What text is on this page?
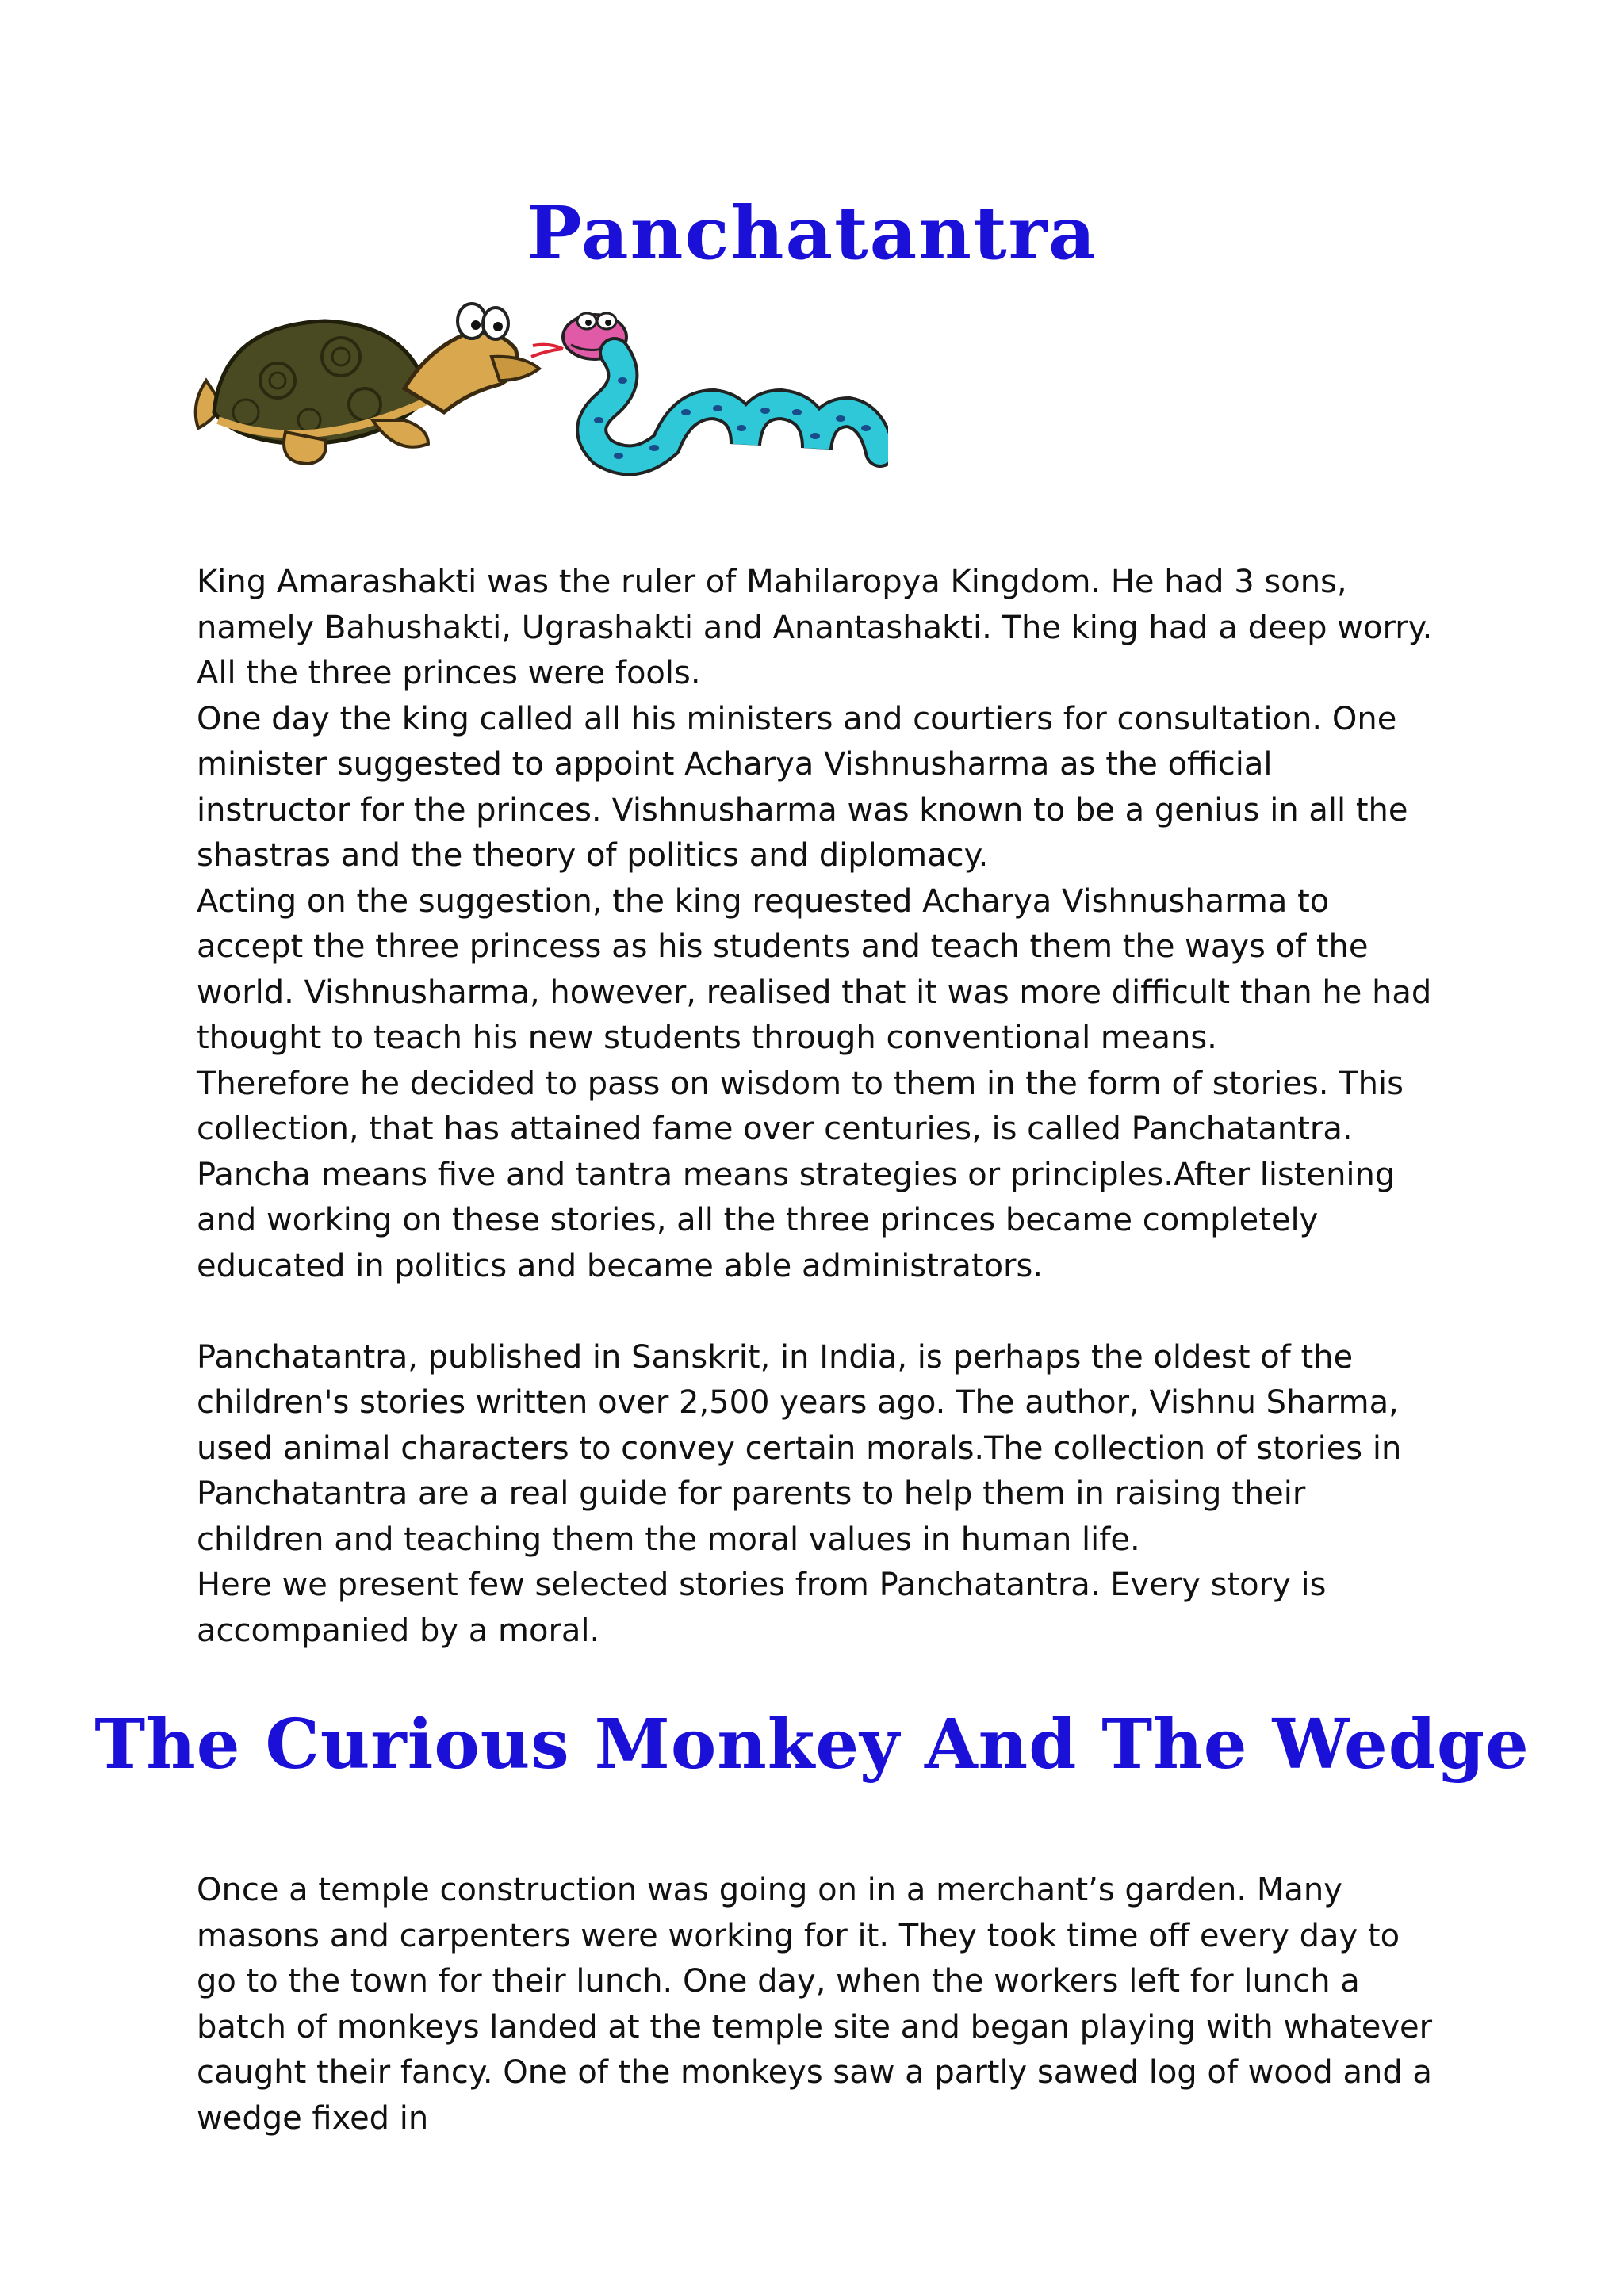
Panchatantra

King Amarashakti was the ruler of Mahilaropya Kingdom. He had 3 sons, namely Bahushakti, Ugrashakti and Anantashakti. The king had a deep worry. All the three princes were fools.

One day the king called all his ministers and courtiers for consultation. One minister suggested to appoint Acharya Vishnusharma as the official instructor for the princes. Vishnusharma was known to be a genius in all the shastras and the theory of politics and diplomacy.

Acting on the suggestion, the king requested Acharya Vishnusharma to accept the three princess as his students and teach them the ways of the world. Vishnusharma, however, realised that it was more difficult than he had thought to teach his new students through conventional means.

Therefore he decided to pass on wisdom to them in the form of stories. This collection, that has attained fame over centuries, is called Panchatantra. Pancha means five and tantra means strategies or principles.After listening and working on these stories, all the three princes became completely educated in politics and became able administrators.

Panchatantra, published in Sanskrit, in India, is perhaps the oldest of the children's stories written over 2,500 years ago. The author, Vishnu Sharma, used animal characters to convey certain morals.The collection of stories in Panchatantra are a real guide for parents to help them in raising their children and teaching them the moral values in human life.

Here we present few selected stories from Panchatantra. Every story is accompanied by a moral.

The Curious Monkey And The Wedge

Once a temple construction was going on in a merchant’s garden. Many masons and carpenters were working for it. They took time off every day to go to the town for their lunch. One day, when the workers left for lunch a batch of monkeys landed at the temple site and began playing with whatever caught their fancy. One of the monkeys saw a partly sawed log of wood and a wedge fixed in
